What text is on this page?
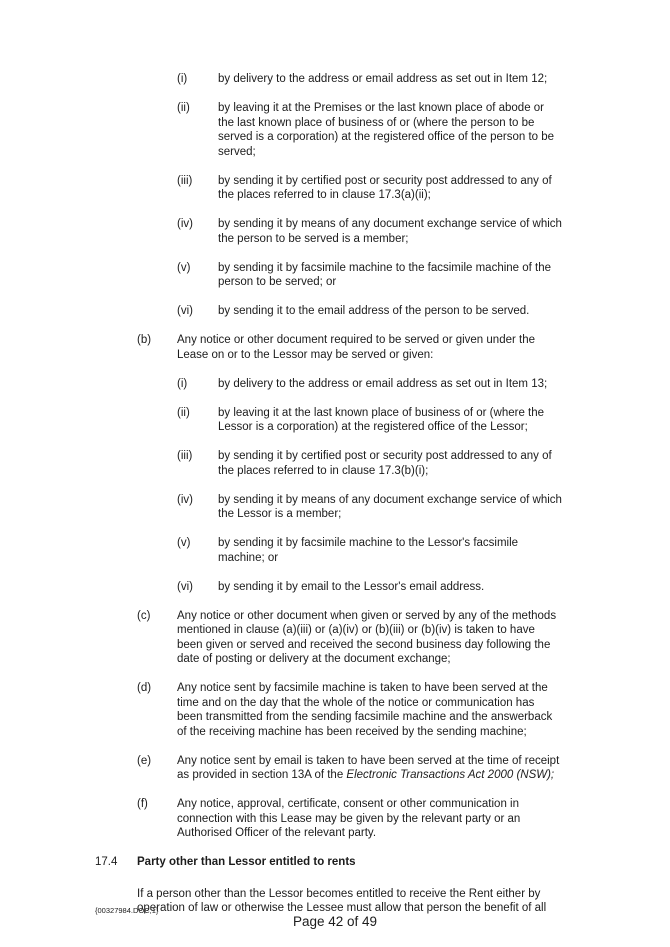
(i)	by delivery to the address or email address as set out in Item 12;
(ii)	by leaving it at the Premises or the last known place of abode or the last known place of business of or (where the person to be served is a corporation) at the registered office of the person to be served;
(iii)	by sending it by certified post or security post addressed to any of the places referred to in clause 17.3(a)(ii);
(iv)	by sending it by means of any document exchange service of which the person to be served is a member;
(v)	by sending it by facsimile machine to the facsimile machine of the person to be served; or
(vi)	by sending it to the email address of the person to be served.
(b)	Any notice or other document required to be served or given under the Lease on or to the Lessor may be served or given:
(i)	by delivery to the address or email address as set out in Item 13;
(ii)	by leaving it at the last known place of business of or (where the Lessor is a corporation) at the registered office of the Lessor;
(iii)	by sending it by certified post or security post addressed to any of the places referred to in clause 17.3(b)(i);
(iv)	by sending it by means of any document exchange service of which the Lessor is a member;
(v)	by sending it by facsimile machine to the Lessor's facsimile machine; or
(vi)	by sending it by email to the Lessor's email address.
(c)	Any notice or other document when given or served by any of the methods mentioned in clause (a)(iii) or (a)(iv) or (b)(iii) or (b)(iv) is taken to have been given or served and received the second business day following the date of posting or delivery at the document exchange;
(d)	Any notice sent by facsimile machine is taken to have been served at the time and on the day that the whole of the notice or communication has been transmitted from the sending facsimile machine and the answerback of the receiving machine has been received by the sending machine;
(e)	Any notice sent by email is taken to have been served at the time of receipt as provided in section 13A of the Electronic Transactions Act 2000 (NSW);
(f)	Any notice, approval, certificate, consent or other communication in connection with this Lease may be given by the relevant party or an Authorised Officer of the relevant party.
17.4	Party other than Lessor entitled to rents
If a person other than the Lessor becomes entitled to receive the Rent either by operation of law or otherwise the Lessee must allow that person the benefit of all
{00327984.DOC;1}
Page 42 of 49
